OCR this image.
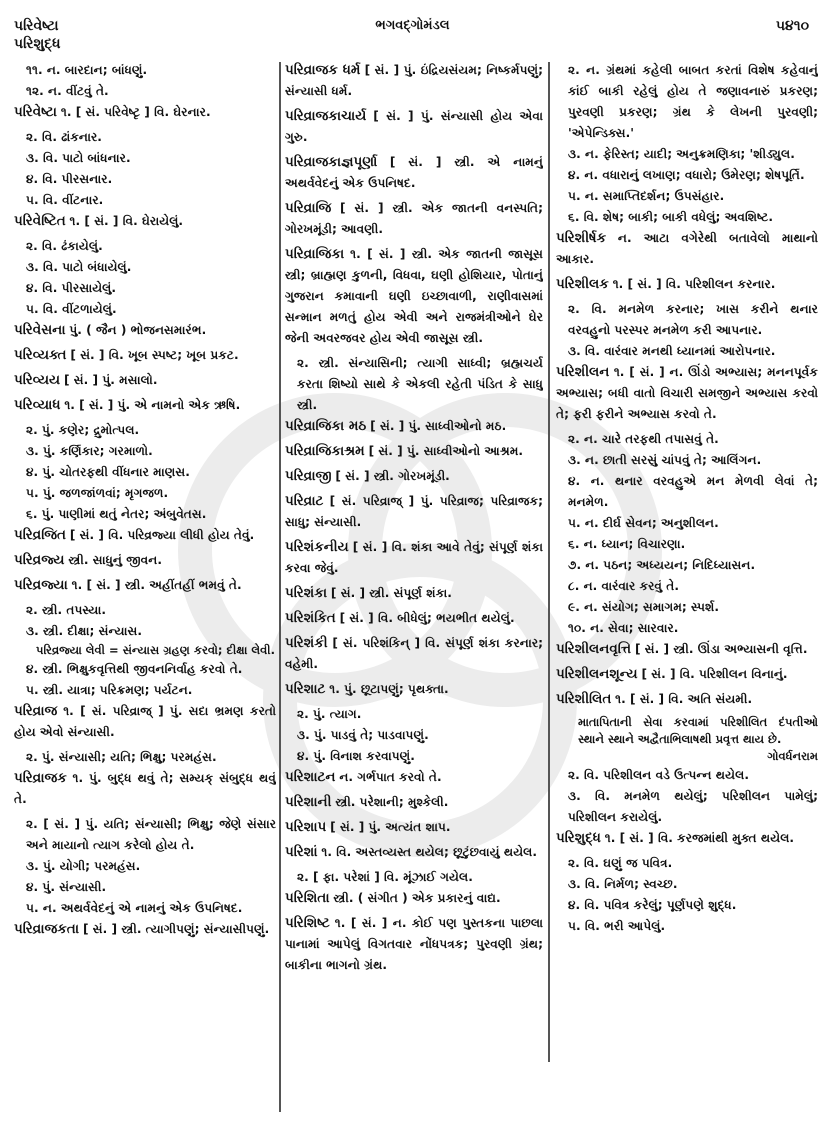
પરિવેષ્ટા
પરિશુદ્ધ
ભગવદ્ગોમંડલ	૫૪૧૦
૧૧. ન. બારદાન; બાંધણું.
૧૨. ન. વીંટવું તે.
પરિવેષ્ટા ૧. [ સં. પરિવેષ્ટૃ ] વિ. ઘેરનાર.
૨. વિ. ઢાંકનાર.
૩. વિ. પાટો બાંધનાર.
૪. વિ. પીરસનાર.
૫. વિ. વીંટનાર.
પરિવેષ્ટિત ૧. [ સં. ] વિ. ઘેરાયેલું.
૨. વિ. ઢંકાયેલું.
૩. વિ. પાટો બંધાયેલું.
૪. વિ. પીરસાયેલું.
૫. વિ. વીંટળાયેલું.
પરિવેસના પું. ( જૈન ) ભોજનસમારંભ.
પરિવ્યક્ત [ સં. ] વિ. ખૂબ સ્પષ્ટ; ખૂબ પ્રકટ.
પરિવ્યય [ સં. ] પું. મસાલો.
પરિવ્યાધ ૧. [ સં. ] પું. એ નામનો એક ઋષિ.
૨. પું. કણેર; દ્રુમોત્પલ.
૩. પું. કર્ણિકાર; ગરમાળો.
૪. પું. ચોતરફથી વીંધનાર માણસ.
૫. પું. જળજાંળવાં; મૃગજળ.
૬. પું. પાણીમાં થતું નેતર; અંબુવેતસ.
પરિવ્રજિત [ સં. ] વિ. પરિવ્રજ્યા લીધી હોય તેવું.
પરિવ્રજ્ય સ્ત્રી. સાધુનું જીવન.
પરિવ્રજ્યા ૧. [ સં. ] સ્ત્રી. અહીંતહીં ભમવું તે.
૨. સ્ત્રી. તપસ્યા.
૩. સ્ત્રી. દીક્ષા; સંન્યાસ.
પરિવ્રજ્યા લેવી = સંન્યાસ ગ્રહણ કરવો; દીક્ષા લેવી.
૪. સ્ત્રી. ભિક્ષુકવૃત્તિથી જીવનનિર્વાહ કરવો તે.
૫. સ્ત્રી. યાત્રા; પરિક્રમણ; પર્યટન.
પરિવ્રાજ ૧. [ સં. પરિવ્રાજ્ ] પું. સદા ભ્રમણ કરતો હોય એવો સંન્યાસી.
૨. પું. સંન્યાસી; યતિ; ભિક્ષુ; પરમહંસ.
પરિવ્રાજક ૧. પું. બુદ્ધ થવું તે; સમ્યક્ સંબુદ્ધ થવું તે.
૨. [ સં. ] પું. યતિ; સંન્યાસી; ભિક્ષુ; જેણે સંસાર અને માયાનો ત્યાગ કરેલો હોય તે.
૩. પું. યોગી; પરમહંસ.
૪. પું. સંન્યાસી.
૫. ન. અથર્વવેદનું એ નામનું એક ઉપનિષદ.
પરિવ્રાજકતા [ સં. ] સ્ત્રી. ત્યાગીપણું; સંન્યાસીપણું.
પરિવ્રાજક ધર્મ [ સં. ] પું. ઇંદ્રિયસંયમ; નિષ્કર્મપણું; સંન્યાસી ધર્મ.
પરિવ્રાજકાચાર્ય [ સં. ] પું. સંન્યાસી હોય એવા ગુરુ.
પરિવ્રાજકાજ્ઞપૂર્ણા [ સં. ] સ્ત્રી. એ નામનું અથર્વવેદનું એક ઉપનિષદ.
પરિવ્રાજિ [ સં. ] સ્ત્રી. એક જાતની વનસ્પતિ; ગોરખમૂંડી; આવણી.
પરિવ્રાજિકા ૧. [ સં. ] સ્ત્રી. એક જાતની જાસૂસ સ્ત્રી; બ્રાહ્મણ કુળની, વિધવા, ઘણી હોશિયાર, પોતાનું ગુજરાન કમાવાની ઘણી ઇચ્છાવાળી, રાણીવાસમાં સન્માન મળતું હોય એવી અને રાજમંત્રીઓને ઘેર જેની અવરજવર હોય એવી જાસૂસ સ્ત્રી.
૨. સ્ત્રી. સંન્યાસિની; ત્યાગી સાધ્વી; બ્રહ્મચર્ય કરતા શિષ્યો સાથે કે એકલી રહેતી પંડિત કે સાધુ સ્ત્રી.
પરિવ્રાજિકા મઠ [ સં. ] પું. સાધ્વીઓનો મઠ.
પરિવ્રાજિકાશ્રમ [ સં. ] પું. સાધ્વીઓનો આશ્રમ.
પરિવ્રાજી [ સં. ] સ્ત્રી. ગોરખમૂંડી.
પરિવ્રાટ [ સં. પરિવ્રાજ્ ] પું. પરિવ્રાજ; પરિવ્રાજક; સાધુ; સંન્યાસી.
પરિશંકનીય [ સં. ] વિ. શંકા આવે તેવું; સંપૂર્ણ શંકા કરવા જેવું.
પરિશંકા [ સં. ] સ્ત્રી. સંપૂર્ણ શંકા.
પરિશંકિત [ સં. ] વિ. બીધેલું; ભયભીત થયેલું.
પરિશંકી [ સં. પરિશંકિન્ ] વિ. સંપૂર્ણ શંકા કરનાર; વહેમી.
પરિશાટ ૧. પું. છૂટાપણું; પૃથક્તા.
૨. પું. ત્યાગ.
૩. પું. પાડવું તે; પાડવાપણું.
૪. પું. વિનાશ કરવાપણું.
પરિશાટન ન. ગર્ભપાત કરવો તે.
પરિશાની સ્ત્રી. પરેશાની; મુશ્કેલી.
પરિશાપ [ સં. ] પું. અત્યંત શાપ.
પરિશાં ૧. વિ. અસ્તવ્યસ્ત થયેલ; છૂટુંછવાયું થયેલ.
૨. [ ફા. પરેશાં ] વિ. મૂંઝાઈ ગયેલ.
પરિશિતા સ્ત્રી. ( સંગીત ) એક પ્રકારનું વાદ્ય.
પરિશિષ્ટ ૧. [ સં. ] ન. કોઈ પણ પુસ્તકના પાછલા પાનામાં આપેલું વિગતવાર નોંધપત્રક; પુરવણી ગ્રંથ; બાકીના ભાગનો ગ્રંથ.
૨. ન. ગ્રંથમાં કહેલી બાબત કરતાં વિશેષ કહેવાનું કાંઈ બાકી રહેલું હોય તે જણાવનારું પ્રકરણ; પુરવણી પ્રકરણ; ગ્રંથ કે લેખની પુરવણી; 'એપેન્ડિક્સ.'
૩. ન. ફેરિસ્ત; યાદી; અનુક્રમણિકા; 'શીડ્યુલ.
૪. ન. વધારાનું લખાણ; વધારો; ઉમેરણ; શેષપૂર્તિ.
૫. ન. સમાપ્તિદર્શન; ઉપસંહાર.
૬. વિ. શેષ; બાકી; બાકી વધેલું; અવશિષ્ટ.
પરિશીર્ષક ન. આટા વગેરેથી બતાવેલો માથાનો આકાર.
પરિશીલક ૧. [ સં. ] વિ. પરિશીલન કરનાર.
૨. વિ. મનમેળ કરનાર; ખાસ કરીને થનાર વરવહુનો પરસ્પર મનમેળ કરી આપનાર.
૩. વિ. વારંવાર મનથી ધ્યાનમાં આરોપનાર.
પરિશીલન ૧. [ સં. ] ન. ઊંડો અભ્યાસ; મનનપૂર્વક અભ્યાસ; બધી વાતો વિચારી સમજીને અભ્યાસ કરવો તે; ફરી ફરીને અભ્યાસ કરવો તે.
૨. ન. ચારે તરફથી તપાસવું તે.
૩. ન. છાતી સરસું ચાંપવું તે; આલિંગન.
૪. ન. થનાર વરવહુએ મન મેળવી લેવાં તે; મનમેળ.
૫. ન. દીર્ઘ સેવન; અનુશીલન.
૬. ન. ધ્યાન; વિચારણા.
૭. ન. પઠન; અધ્યયન; નિદિધ્યાસન.
૮. ન. વારંવાર કરવું તે.
૯. ન. સંયોગ; સમાગમ; સ્પર્શ.
૧૦. ન. સેવા; સારવાર.
પરિશીલનવૃત્તિ [ સં. ] સ્ત્રી. ઊંડા અભ્યાસની વૃત્તિ.
પરિશીલનશૂન્ય [ સં. ] વિ. પરિશીલન વિનાનું.
પરિશીલિત ૧. [ સં. ] વિ. અતિ સંયમી.
માતાપિતાની સેવા કરવામાં પરિશીલિત દંપતીઓ સ્થાને સ્થાને અદ્વૈતાભિલાષથી પ્રવૃત્ત થાય છે.
ગોવર્ધનરામ
૨. વિ. પરિશીલન વડે ઉત્પન્ન થયેલ.
૩. વિ. મનમેળ થયેલું; પરિશીલન પામેલું; પરિશીલન કરાયેલું.
પરિશુદ્ધ ૧. [ સં. ] વિ. કરજમાંથી મુક્ત થયેલ.
૨. વિ. ઘણું જ પવિત્ર.
૩. વિ. નિર્મળ; સ્વચ્છ.
૪. વિ. પવિત્ર કરેલું; પૂર્ણપણે શુદ્ધ.
૫. વિ. ભરી આપેલું.
